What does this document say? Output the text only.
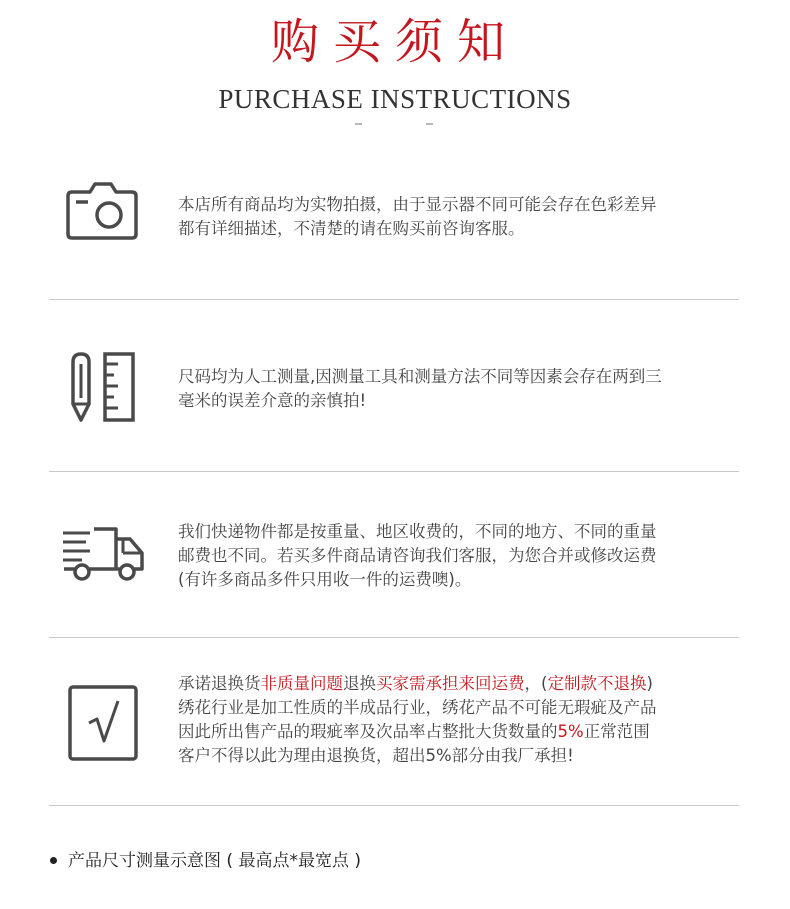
购买须知
PURCHASE INSTRUCTIONS

本店所有商品均为实物拍摄，由于显示器不同可能会存在色彩差异

都有详细描述，不清楚的请在购买前咨询客服。

尺码均为人工测量,因测量工具和测量方法不同等因素会存在两到三

毫米的误差介意的亲慎拍!

我们快递物件都是按重量、地区收费的，不同的地方、不同的重量

邮费也不同。若买多件商品请咨询我们客服，为您合并或修改运费

(有许多商品多件只用收一件的运费噢)。

承诺退换货非质量问题退换买家需承担来回运费，(定制款不退换)

绣花行业是加工性质的半成品行业，绣花产品不可能无瑕疵及产品

因此所出售产品的瑕疵率及次品率占整批大货数量的5%正常范围

客户不得以此为理由退换货，超出5%部分由我厂承担!

产品尺寸测量示意图 ( 最高点*最宽点 )
